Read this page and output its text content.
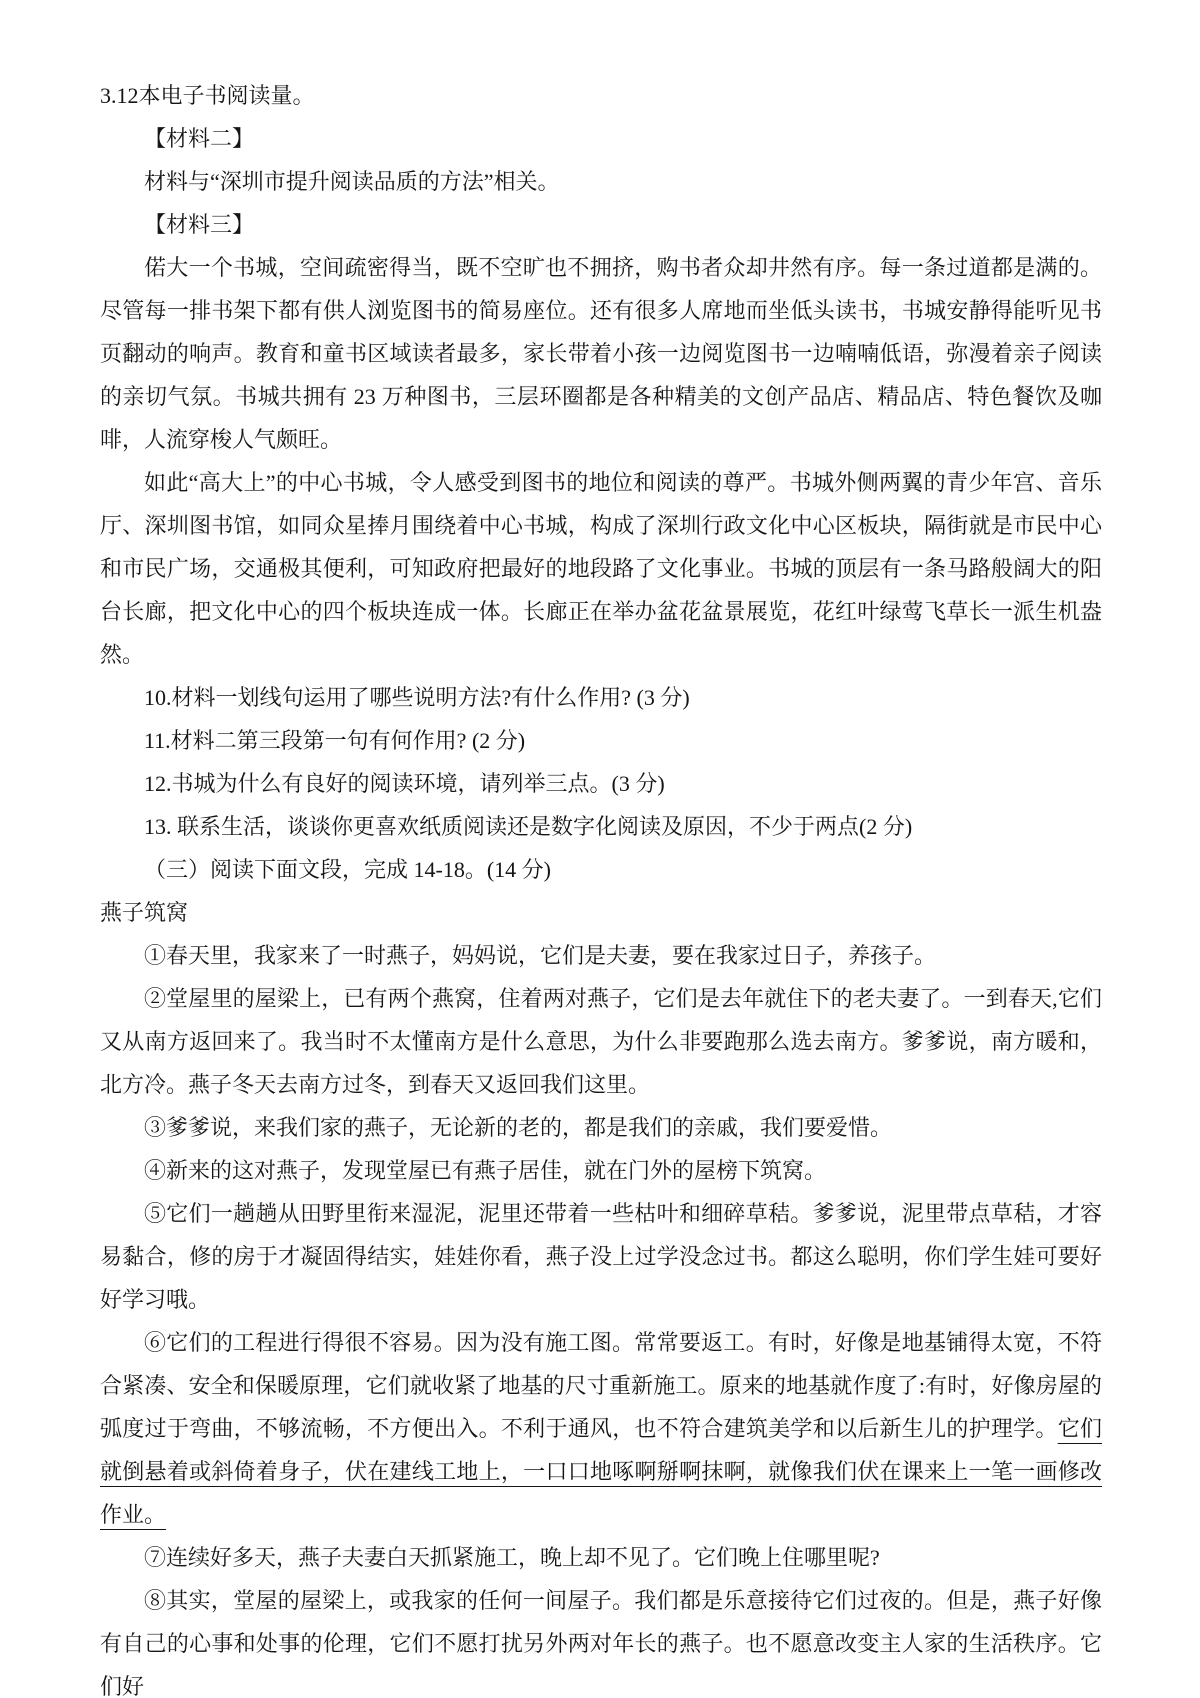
3.12本电子书阅读量。

【材料二】

材料与“深圳市提升阅读品质的方法”相关。

【材料三】

偌大一个书城，空间疏密得当，既不空旷也不拥挤，购书者众却井然有序。每一条过道都是满的。尽管每一排书架下都有供人浏览图书的简易座位。还有很多人席地而坐低头读书，书城安静得能听见书页翻动的响声。教育和童书区域读者最多，家长带着小孩一边阅览图书一边喃喃低语，弥漫着亲子阅读的亲切气氛。书城共拥有 23 万种图书，三层环圈都是各种精美的文创产品店、精品店、特色餐饮及咖啡，人流穿梭人气颇旺。

如此“高大上”的中心书城，令人感受到图书的地位和阅读的尊严。书城外侧两翼的青少年宫、音乐厅、深圳图书馆，如同众星捧月围绕着中心书城，构成了深圳行政文化中心区板块，隔街就是市民中心和市民广场，交通极其便利，可知政府把最好的地段路了文化事业。书城的顶层有一条马路般阔大的阳台长廊，把文化中心的四个板块连成一体。长廊正在举办盆花盆景展览，花红叶绿莺飞草长一派生机盎然。

10.材料一划线句运用了哪些说明方法?有什么作用? (3 分)

11.材料二第三段第一句有何作用? (2 分)

12.书城为什么有良好的阅读环境，请列举三点。(3 分)

13. 联系生活，谈谈你更喜欢纸质阅读还是数字化阅读及原因，不少于两点(2 分)

（三）阅读下面文段，完成 14-18。(14 分)

燕子筑窝

①春天里，我家来了一时燕子，妈妈说，它们是夫妻，要在我家过日子，养孩子。

②堂屋里的屋梁上，已有两个燕窝，住着两对燕子，它们是去年就住下的老夫妻了。一到春天,它们又从南方返回来了。我当时不太懂南方是什么意思，为什么非要跑那么选去南方。爹爹说，南方暖和，北方冷。燕子冬天去南方过冬，到春天又返回我们这里。

③爹爹说，来我们家的燕子，无论新的老的，都是我们的亲戚，我们要爱惜。

④新来的这对燕子，发现堂屋已有燕子居佳，就在门外的屋榜下筑窝。

⑤它们一趟趟从田野里衔来湿泥，泥里还带着一些枯叶和细碎草秸。爹爹说，泥里带点草秸，才容易黏合，修的房于才凝固得结实，娃娃你看，燕子没上过学没念过书。都这么聪明，你们学生娃可要好好学习哦。

⑥它们的工程进行得很不容易。因为没有施工图。常常要返工。有时，好像是地基铺得太宽，不符合紧凑、安全和保暖原理，它们就收紧了地基的尺寸重新施工。原来的地基就作度了:有时，好像房屋的弧度过于弯曲，不够流畅，不方便出入。不利于通风，也不符合建筑美学和以后新生儿的护理学。它们就倒悬着或斜倚着身子，伏在建线工地上，一口口地啄啊掰啊抹啊，就像我们伏在课来上一笔一画修改作业。

⑦连续好多天，燕子夫妻白天抓紧施工，晚上却不见了。它们晚上住哪里呢?

⑧其实，堂屋的屋梁上，或我家的任何一间屋子。我们都是乐意接待它们过夜的。但是，燕子好像有自己的心事和处事的伦理，它们不愿打扰另外两对年长的燕子。也不愿意改变主人家的生活秩序。它们好
